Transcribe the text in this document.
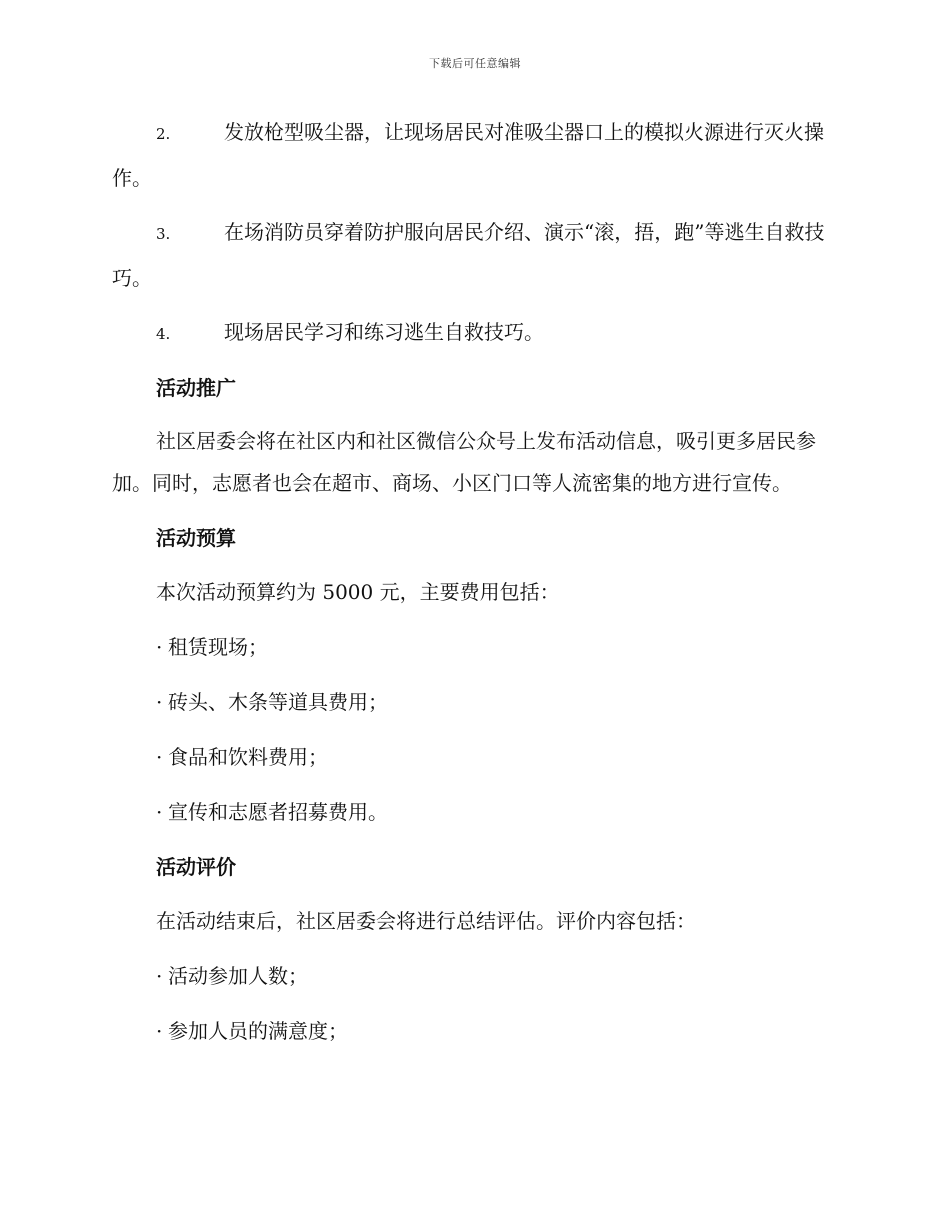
下载后可任意编辑

2.	发放枪型吸尘器，让现场居民对准吸尘器口上的模拟火源进行灭火操作。

3.	在场消防员穿着防护服向居民介绍、演示“滚，捂，跑”等逃生自救技巧。

4.	现场居民学习和练习逃生自救技巧。

活动推广

社区居委会将在社区内和社区微信公众号上发布活动信息，吸引更多居民参加。同时，志愿者也会在超市、商场、小区门口等人流密集的地方进行宣传。

活动预算

本次活动预算约为 5000 元，主要费用包括：

· 租赁现场；

· 砖头、木条等道具费用；

· 食品和饮料费用；

· 宣传和志愿者招募费用。

活动评价

在活动结束后，社区居委会将进行总结评估。评价内容包括：

· 活动参加人数；

· 参加人员的满意度；
